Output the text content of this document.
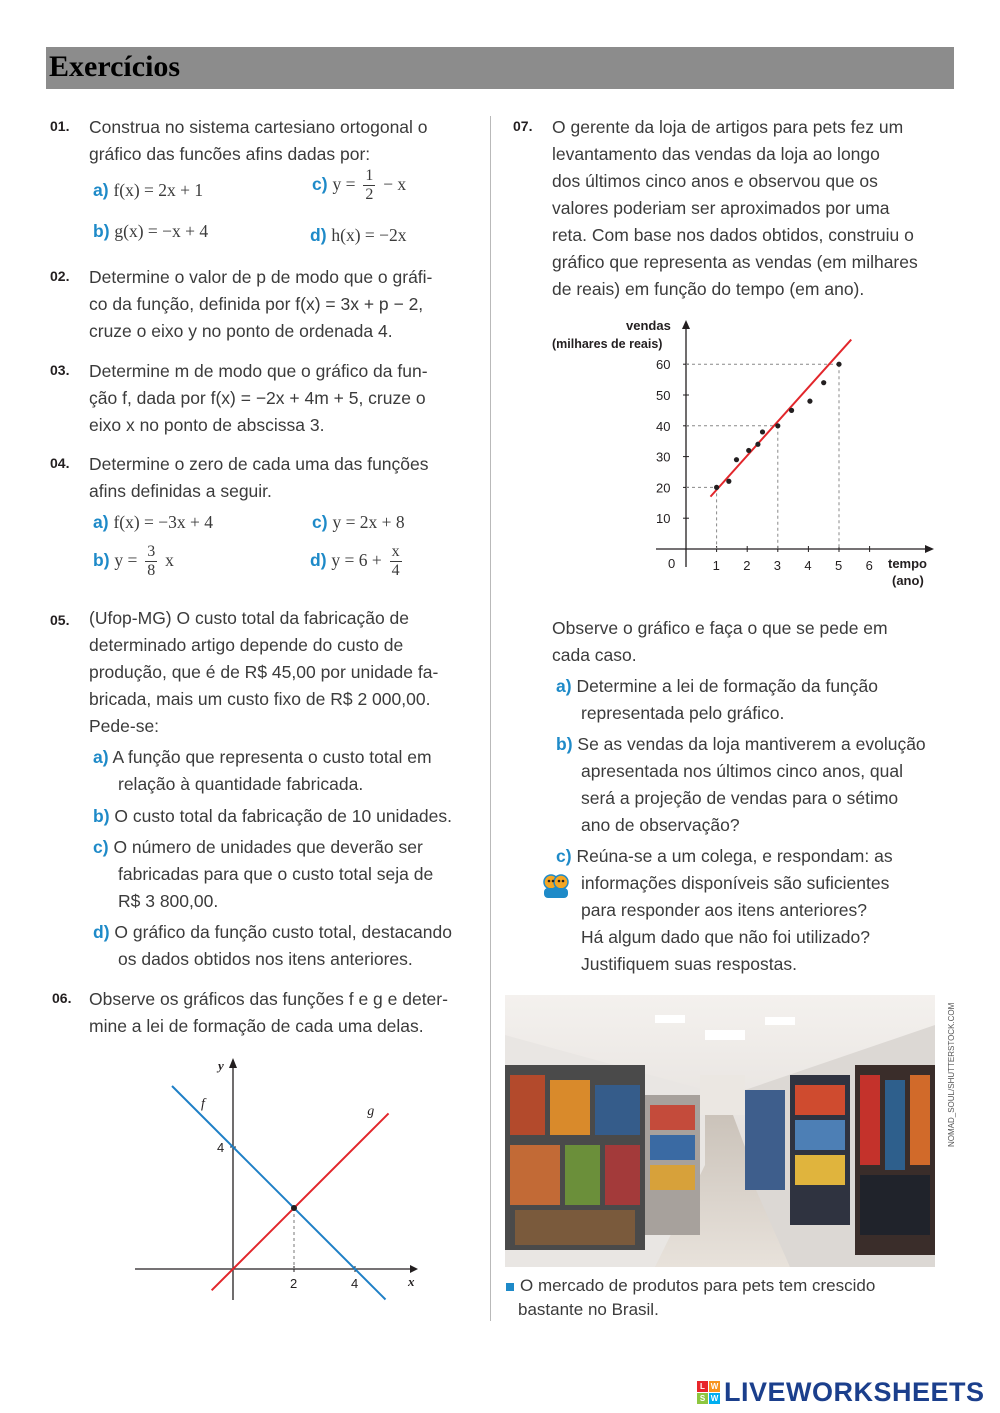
Exercícios
01. Construa no sistema cartesiano ortogonal o
gráfico das funcões afins dadas por:
a) f(x) = 2x + 1
b) g(x) = −x + 4
c) $y = \frac{1}{2} - x$
d) h(x) = −2x
02. Determine o valor de p de modo que o gráfi-
co da função, definida por f(x) = 3x + p − 2,
cruze o eixo y no ponto de ordenada 4.
03. Determine m de modo que o gráfico da fun-
ção f, dada por f(x) = −2x + 4m + 5, cruze o
eixo x no ponto de abscissa 3.
04. Determine o zero de cada uma das funções
afins definidas a seguir.
a) f(x) = −3x + 4	c) y = 2x + 8
b) $y = \frac{3}{8}$ x	d) $y = 6 + \frac{x}{4}$
05. (Ufop-MG) O custo total da fabricação de
determinado artigo depende do custo de
produção, que é de R$ 45,00 por unidade fa-
bricada, mais um custo fixo de R$ 2 000,00.
Pede-se:
a) A função que representa o custo total em
relação à quantidade fabricada.
b) O custo total da fabricação de 10 unidades.
c) O número de unidades que deverão ser
fabricadas para que o custo total seja de
R$ 3 800,00.
d) O gráfico da função custo total, destacando
os dados obtidos nos itens anteriores.
06. Observe os gráficos das funções f e g e deter-
mine a lei de formação de cada uma delas.
x
y
2	4
4
f
g
07. O gerente da loja de artigos para pets fez um
levantamento das vendas da loja ao longo
dos últimos cinco anos e observou que os
valores poderiam ser aproximados por uma
reta. Com base nos dados obtidos, construiu o
gráfico que representa as vendas (em milhares
de reais) em função do tempo (em ano).
vendas
(milhares de reais)
tempo
(ano)
0	1 2 3 4 5 6
10
20
30
40
50
60
Observe o gráfico e faça o que se pede em
cada caso.
a) Determine a lei de formação da função
representada pelo gráfico.
b) Se as vendas da loja mantiverem a evolução
apresentada nos últimos cinco anos, qual
será a projeção de vendas para o sétimo
ano de observação?
c) Reúna-se a um colega, e respondam: as
informações disponíveis são suficientes
para responder aos itens anteriores?
Há algum dado que não foi utilizado?
Justifiquem suas respostas.
NOMAD_SOUL/SHUTTERSTOCK.COM
O mercado de produtos para pets tem crescido
bastante no Brasil.
L W
S W LIVEWORKSHEETS
